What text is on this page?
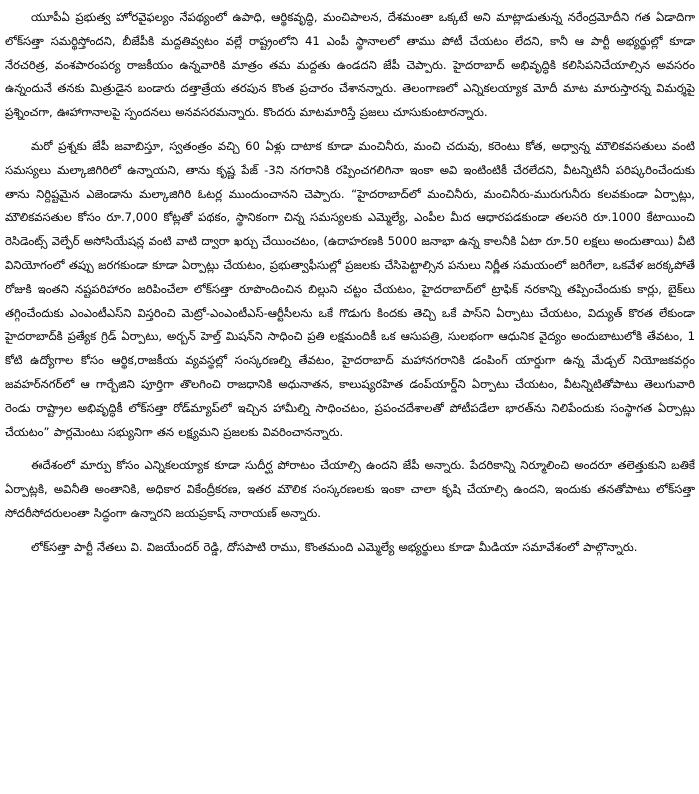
యూపీఏ ప్రభుత్వ హోరవైఫల్యం నేపథ్యంలో ఉపాధి, ఆర్థికవృద్ధి, మంచిపాలన, దేశమంతా ఒక్కటే అని మాట్లాడుతున్న నరేంద్రమోదీని గత ఏడాదిగా లోక్‌సత్తా సమర్థిస్తోందని, బీజేపీకి మద్దతివ్వటం వల్లే రాష్ట్రంలోని 41 ఎంపీ స్థానాలలో తాము పోటీ చేయటం లేదని, కానీ ఆ పార్టీ అభ్యర్థుల్లో కూడా నేరచరిత్ర, వంశపారంపర్య రాజకీయం ఉన్నవారికి మాత్రం తమ మద్దతు ఉండదని జేపీ చెప్పారు. హైదరాబాద్ అభివృద్ధికి కలిసిపనిచేయాల్సిన అవసరం ఉన్నందునే తనకు మిత్రుడైన బండారు దత్తాత్రేయ తరపున కొంత ప్రచారం చేశానన్నారు. తెలంగాణలో ఎన్నికలయ్యాక మోదీ మాట మారుస్తారన్న విమర్శపై ప్రశ్నించగా, ఊహాగానాలపై స్పందనలు అనవసరమన్నారు. కొందరు మాటమారిస్తే ప్రజలు చూసుకుంటారన్నారు.

మరో ప్రశ్నకు జేపీ జవాబిస్తూ, స్వతంత్రం వచ్చి 60 ఏళ్లు దాటాక కూడా మంచినీరు, మంచి చదువు, కరెంటు కోత, అధ్వాన్న మౌలికవసతులు వంటి సమస్యలు మల్కాజిగిరిలో ఉన్నాయని, తాను కృష్ణ పేజ్ -3ని నగరానికి రప్పించగలిగినా ఇంకా అవి ఇంటింటికీ చేరలేదని, వీటన్నిటినీ పరిష్కరించేందుకు తాను నిర్దిష్టమైన ఎజెండాను మల్కాజిగిరి ఓటర్ల ముందుంచానని చెప్పారు. “హైదరాబాద్‌లో మంచినీరు, మంచినీరు-మురుగునీరు కలవకుండా ఏర్పాట్లు, మౌలికవసతుల కోసం రూ.7,000 కోట్లతో పథకం, స్థానికంగా చిన్న సమస్యలకు ఎమ్మెల్యే, ఎంపీల మీద ఆధారపడకుండా తలసరి రూ.1000 కేటాయించి రెసిడెంట్స్ వెల్ఫేర్ అసోసియేషన్ల వంటి వాటి ద్వారా ఖర్చు చేయించటం, (ఉదాహరణకి 5000 జనాభా ఉన్న కాలనీకి ఏటా రూ.50 లక్షలు అందుతాయి) వీటి వినియోగంలో తప్పు జరగకుండా కూడా ఏర్పాట్లు చేయటం, ప్రభుత్వాఫీసుల్లో ప్రజలకు చేసిపెట్టాల్సిన పనులు నిర్ణీత సమయంలో జరిగేలా, ఒకవేళ జరక్కపోతే రోజుకి ఇంతని నష్టపరిహారం జరిపించేలా లోక్‌సత్తా రూపొందించిన బిల్లుని చట్టం చేయటం, హైదరాబాద్‌లో ట్రాఫిక్ నరకాన్ని తప్పించేందుకు కార్లు, బైక్‌లు తగ్గించేందుకు ఎంఎంటీఎస్‌ని విస్తరించి మెట్రో-ఎంఎంటీఎస్-ఆర్టీసీలను ఒకే గొడుగు కిందకు తెచ్చి ఒకే పాస్‌ని ఏర్పాటు చేయటం, విద్యుత్ కొరత లేకుండా హైదరాబాద్‌కి ప్రత్యేక గ్రిడ్ ఏర్పాటు, అర్బన్ హెల్త్ మిషన్‌ని సాధించి ప్రతి లక్షమందికీ ఒక ఆసుపత్రి, సులభంగా ఆధునిక వైద్యం అందుబాటులోకి తేవటం, 1 కోటి ఉద్యోగాల కోసం ఆర్థిక,రాజకీయ వ్యవస్థల్లో సంస్కరణల్ని తేవటం, హైదరాబాద్ మహానగరానికి డంపింగ్ యార్డుగా ఉన్న మేడ్చల్ నియోజకవర్గం జవహర్‌నగర్‌లో ఆ గార్బేజిని పూర్తిగా తొలగించి రాజధానికి అధునాతన, కాలుష్యరహిత డంప్‌యార్డ్‌ని ఏర్పాటు చేయటం, వీటన్నిటితోపాటు తెలుగువారి రెండు రాష్ట్రాల అభివృద్ధికీ లోక్‌సత్తా రోడ్‌మ్యాప్‌లో ఇచ్చిన హామీల్ని సాధించటం, ప్రపంచదేశాలతో పోటీపడేలా భారత్‌ను నిలిపేందుకు సంస్థాగత ఏర్పాట్లు చేయటం” పార్లమెంటు సభ్యునిగా తన లక్ష్యమని ప్రజలకు వివరించానన్నారు.

ఈదేశంలో మార్పు కోసం ఎన్నికలయ్యాక కూడా సుదీర్ఘ పోరాటం చేయాల్సి ఉందని జేపీ అన్నారు. పేదరికాన్ని నిర్మూలించి అందరూ తలెత్తుకుని బతికే ఏర్పాట్లకి, అవినీతి అంతానికి, అధికార వికేంద్రీకరణ, ఇతర మౌలిక సంస్కరణలకు ఇంకా చాలా కృషి చేయాల్సి ఉందని, ఇందుకు తనతోపాటు లోక్‌సత్తా సోదరీసోదరులంతా సిద్ధంగా ఉన్నారని జయప్రకాష్ నారాయణ్ అన్నారు.

లోక్‌సత్తా పార్టీ నేతలు వి. విజయేందర్ రెడ్డి, దోసపాటి రాము, కొంతమంది ఎమ్మెల్యే అభ్యర్థులు కూడా మీడియా సమావేశంలో పాల్గొన్నారు.
